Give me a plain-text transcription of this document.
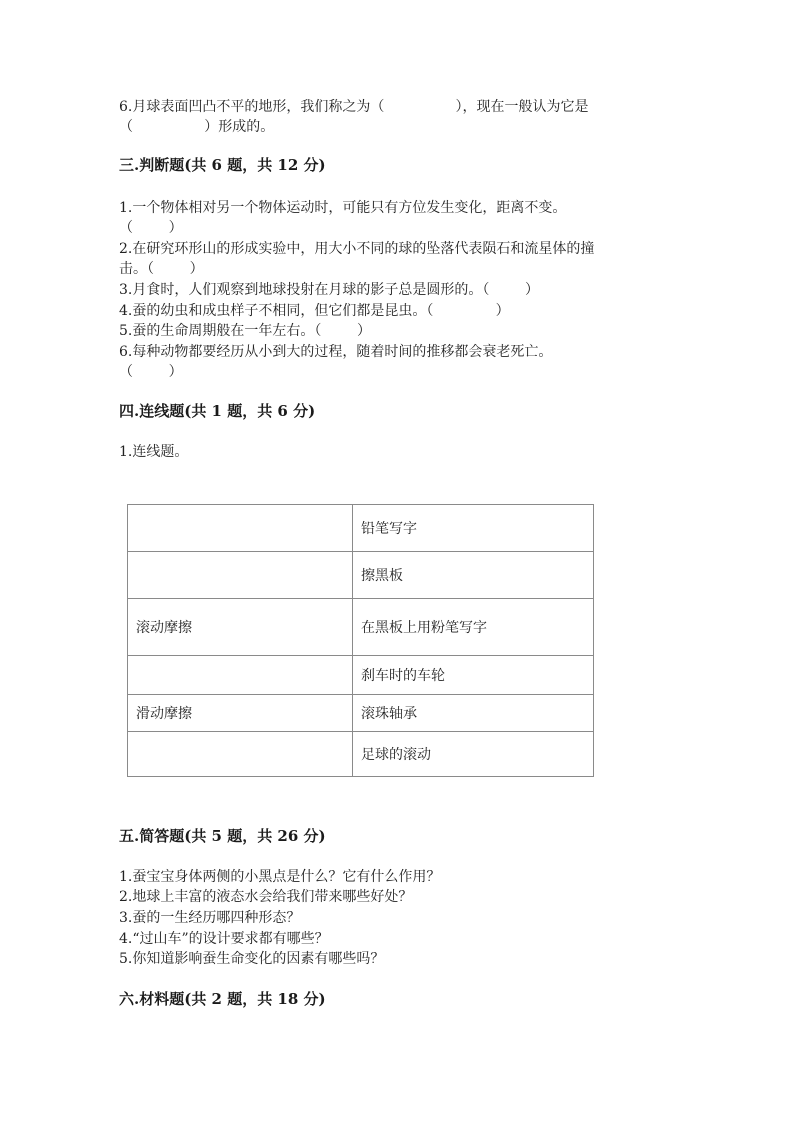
6.月球表面凹凸不平的地形，我们称之为（                ），现在一般认为它是
（                ）形成的。
三.判断题(共 6 题，共 12 分)
1.一个物体相对另一个物体运动时，可能只有方位发生变化，距离不变。
（        ）
2.在研究环形山的形成实验中，用大小不同的球的坠落代表陨石和流星体的撞
击。（        ）
3.月食时，人们观察到地球投射在月球的影子总是圆形的。（        ）
4.蚕的幼虫和成虫样子不相同，但它们都是昆虫。（              ）
5.蚕的生命周期般在一年左右。（        ）
6.每种动物都要经历从小到大的过程，随着时间的推移都会衰老死亡。
（        ）
四.连线题(共 1 题，共 6 分)
1.连线题。
	铅笔写字
	擦黑板
滚动摩擦	在黑板上用粉笔写字
	刹车时的车轮
滑动摩擦	滚珠轴承
	足球的滚动
五.简答题(共 5 题，共 26 分)
1.蚕宝宝身体两侧的小黑点是什么？它有什么作用？
2.地球上丰富的液态水会给我们带来哪些好处？
3.蚕的一生经历哪四种形态？
4.“过山车”的设计要求都有哪些？
5.你知道影响蚕生命变化的因素有哪些吗？
六.材料题(共 2 题，共 18 分)
